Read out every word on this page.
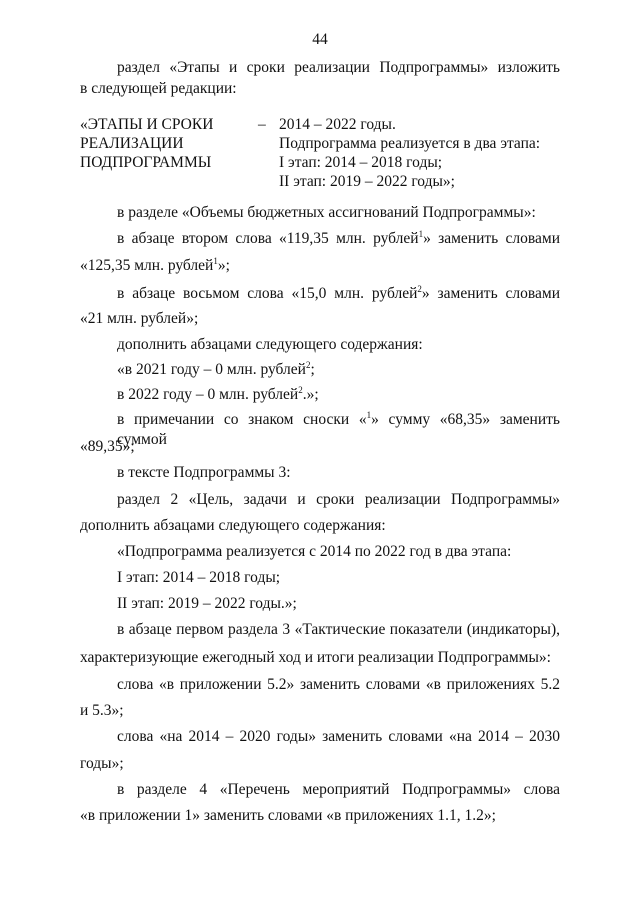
44
раздел «Этапы и сроки реализации Подпрограммы» изложить
в следующей редакции:
«ЭТАПЫ И СРОКИ
РЕАЛИЗАЦИИ
ПОДПРОГРАММЫ
– 2014 – 2022 годы.
Подпрограмма реализуется в два этапа:
I этап: 2014 – 2018 годы;
II этап: 2019 – 2022 годы»;
в разделе «Объемы бюджетных ассигнований Подпрограммы»:
в абзаце втором слова «119,35 млн. рублей$^1$» заменить словами
«125,35 млн. рублей$^1$»;
в абзаце восьмом слова «15,0 млн. рублей$^2$» заменить словами
«21 млн. рублей»;
дополнить абзацами следующего содержания:
«в 2021 году – 0 млн. рублей$^2$;
в 2022 году – 0 млн. рублей$^2$.»;
в примечании со знаком сноски «$^1$» сумму «68,35» заменить суммой
«89,35»;
в тексте Подпрограммы 3:
раздел 2 «Цель, задачи и сроки реализации Подпрограммы»
дополнить абзацами следующего содержания:
«Подпрограмма реализуется с 2014 по 2022 год в два этапа:
I этап: 2014 – 2018 годы;
II этап: 2019 – 2022 годы.»;
в абзаце первом раздела 3 «Тактические показатели (индикаторы),
характеризующие ежегодный ход и итоги реализации Подпрограммы»:
слова «в приложении 5.2» заменить словами «в приложениях 5.2
и 5.3»;
слова «на 2014 – 2020 годы» заменить словами «на 2014 – 2030
годы»;
в разделе 4 «Перечень мероприятий Подпрограммы» слова
«в приложении 1» заменить словами «в приложениях 1.1, 1.2»;
